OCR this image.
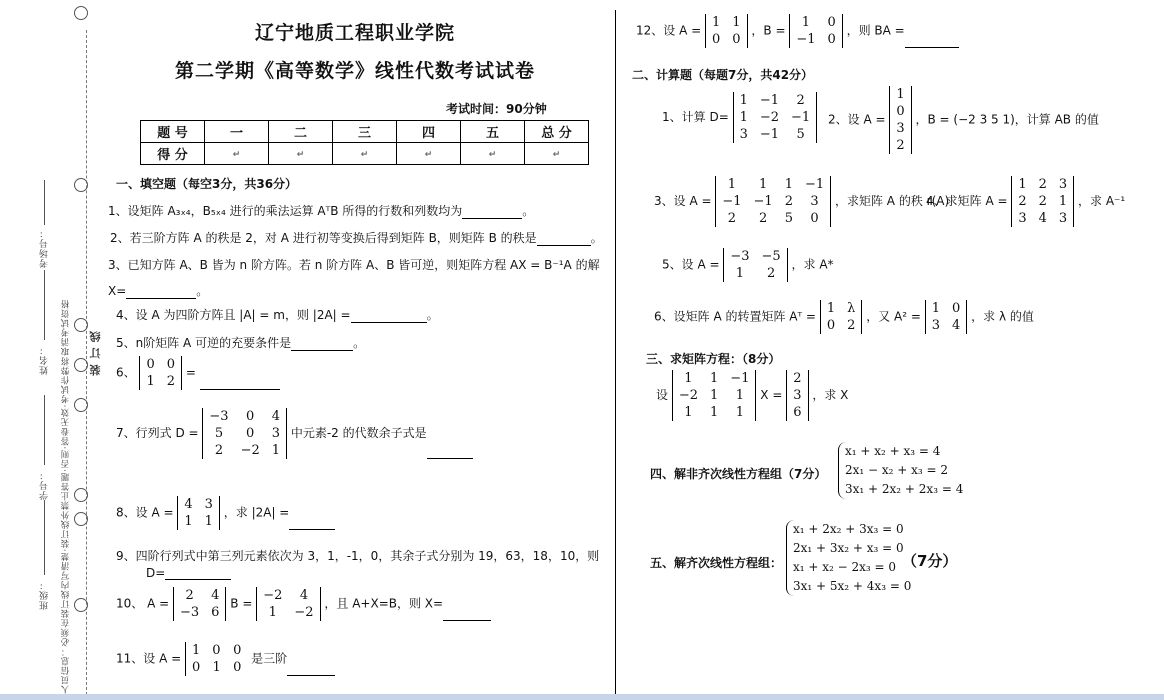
人员信息：必须在装订线内写清楚·装订线外禁止答题·否则·答卷无效·考试作弊将取消考试资格
班级：
学号：
姓名：
考场号：
装 订 线
辽宁地质工程职业学院
第二学期《高等数学》线性代数考试试卷
考试时间：90分钟
题 号	一	二	三	四	五	总 分
得 分	↵	↵	↵	↵	↵	↵
一、填空题（每空3分，共36分）
1、设矩阵 A₃ₓ₄，B₅ₓ₄ 进行的乘法运算 AᵀB 所得的行数和列数均为	。
2、若三阶方阵 A 的秩是 2，对 A 进行初等变换后得到矩阵 B，则矩阵 B 的秩是	。
3、已知方阵 A、B 皆为 n 阶方阵。若 n 阶方阵 A、B 皆可逆，则矩阵方程 AX = B⁻¹A 的解
X=	。
4、设 A 为四阶方阵且 |A| = m，则 |2A| =	。
5、n阶矩阵 A 可逆的充要条件是	。
6、
0	0
1	2
=
7、行列式 D =
−3	0	4
5	0	3
2	−2	1
中元素-2 的代数余子式是
8、设 A =
4	3
1	1
，求 |2A| =
9、四阶行列式中第三列元素依次为 3，1，-1，0，其余子式分别为 19，63，18，10，则
D=
10、 A =
2	4
−3	6
B =
−2	4
1	−2
，且 A+X=B，则 X=
11、设 A =
1	0	0
0	1	0
是三阶
12、设 A =
1	1
0	0
，B =
1	0
−1	0
，则 BA =
二、计算题（每题7分，共42分）
1、计算 D=
1	−1	2
1	−2	−1
3	−1	5
2、设 A =
1
0
3
2
，B = (−2 3 5 1)，计算 AB 的值
3、设 A =
1	1	1	−1
−1	−1	2	3
2	2	5	0
，求矩阵 A 的秩 r(A)
4、求矩阵 A =
1	2	3
2	2	1
3	4	3
，求 A⁻¹
5、设 A =
−3	−5
1	2
，求 A*
6、设矩阵 A 的转置矩阵 Aᵀ =
1	λ
0	2
，又 A² =
1	0
3	4
，求 λ 的值
三、求矩阵方程：（8分）
设
1	1	−1
−2	1	1
1	1	1
X =
2
3
6
，求 X
四、解非齐次线性方程组（7分）
x₁ + x₂ + x₃ = 4
2x₁ − x₂ + x₃ = 2
3x₁ + 2x₂ + 2x₃ = 4
五、解齐次线性方程组：
x₁ + 2x₂ + 3x₃ = 0
2x₁ + 3x₂ + x₃ = 0
x₁ + x₂ − 2x₃ = 0
3x₁ + 5x₂ + 4x₃ = 0
（7分）
